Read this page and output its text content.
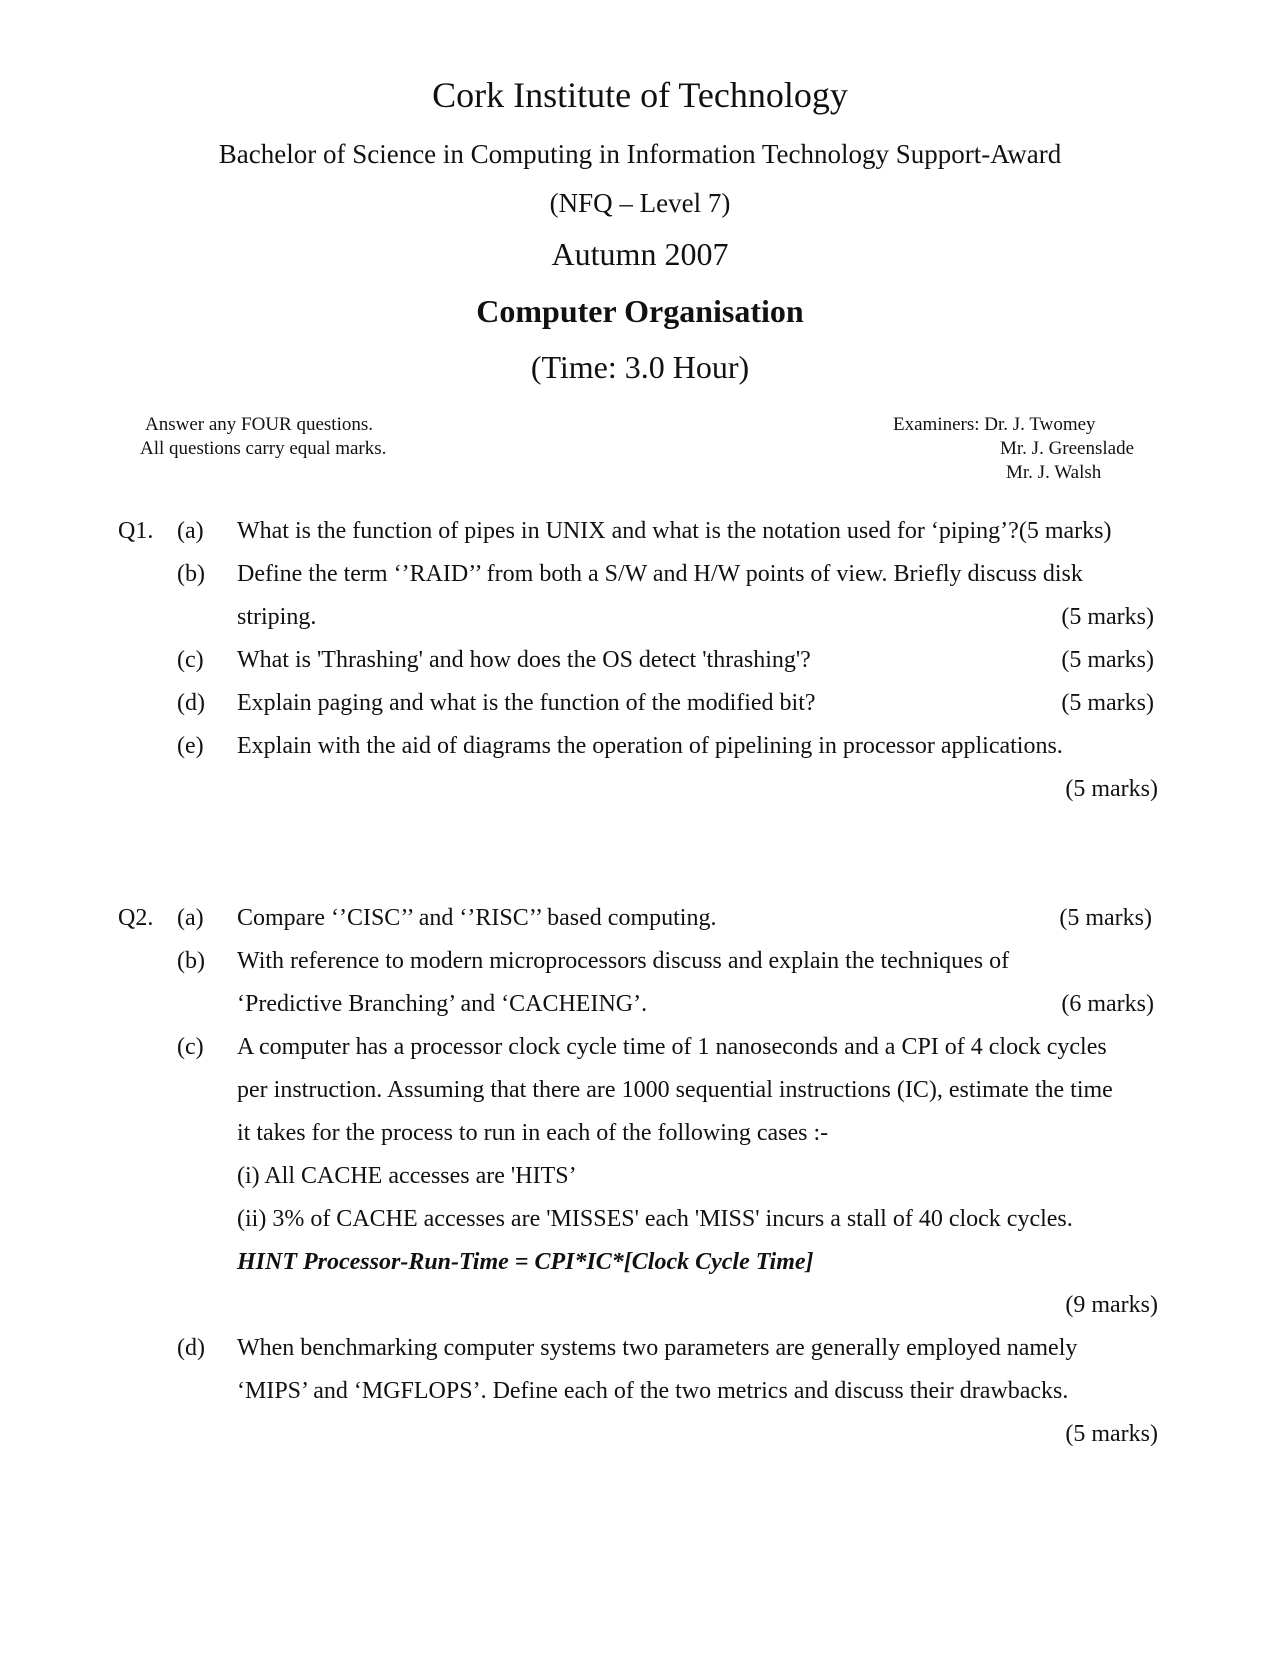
Cork Institute of Technology
Bachelor of Science in Computing in Information Technology Support-Award
(NFQ – Level 7)
Autumn 2007
Computer Organisation
(Time: 3.0 Hour)
Answer any FOUR questions.
All questions carry equal marks.
Examiners: Dr. J. Twomey
Mr. J. Greenslade
Mr. J. Walsh
Q1. (a) What is the function of pipes in UNIX and what is the notation used for ‘piping’?(5 marks)
(b) Define the term ‘’RAID’’ from both a S/W and H/W points of view. Briefly discuss disk
striping.	(5 marks)
(c) What is 'Thrashing' and how does the OS detect 'thrashing'?	(5 marks)
(d) Explain paging and what is the function of the modified bit?	(5 marks)
(e) Explain with the aid of diagrams the operation of pipelining in processor applications.
(5 marks)
Q2. (a) Compare ‘’CISC’’ and ‘’RISC’’ based computing.	(5 marks)
(b) With reference to modern microprocessors discuss and explain the techniques of
‘Predictive Branching’ and ‘CACHEING’.	(6 marks)
(c) A computer has a processor clock cycle time of 1 nanoseconds and a CPI of 4 clock cycles
per instruction. Assuming that there are 1000 sequential instructions (IC), estimate the time
it takes for the process to run in each of the following cases :-
(i) All CACHE accesses are 'HITS’
(ii) 3% of CACHE accesses are 'MISSES' each 'MISS' incurs a stall of 40 clock cycles.
HINT Processor-Run-Time = CPI*IC*[Clock Cycle Time]
(9 marks)
(d) When benchmarking computer systems two parameters are generally employed namely
‘MIPS’ and ‘MGFLOPS’. Define each of the two metrics and discuss their drawbacks.
(5 marks)
